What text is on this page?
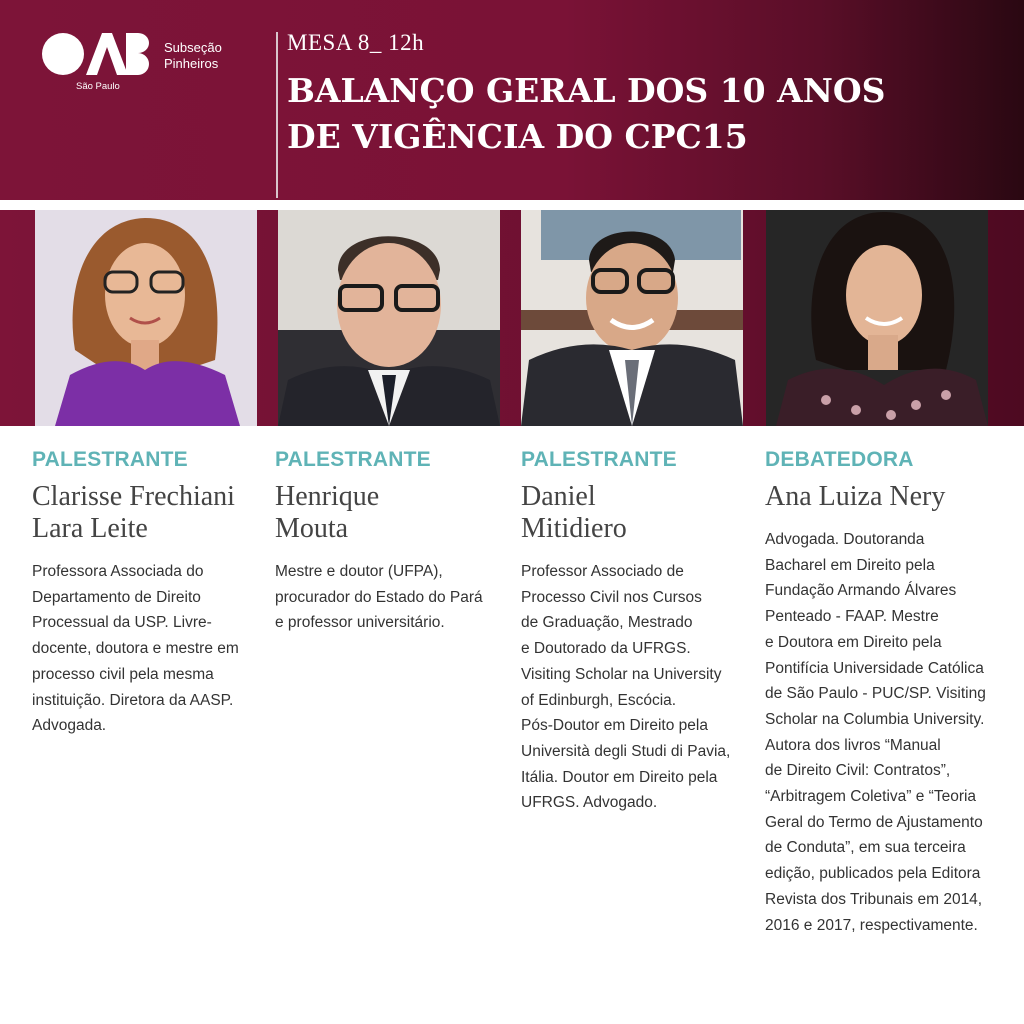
Subseção
Pinheiros
São Paulo
MESA 8_ 12h
BALANÇO GERAL DOS 10 ANOS
DE VIGÊNCIA DO CPC15
PALESTRANTE
Clarisse Frechiani Lara Leite
Professora Associada do
Departamento de Direito
Processual da USP. Livre-
docente, doutora e mestre em
processo civil pela mesma
instituição. Diretora da AASP.
Advogada.
PALESTRANTE
Henrique Mouta
Mestre e doutor (UFPA),
procurador do Estado do Pará
e professor universitário.
PALESTRANTE
Daniel Mitidiero
Professor Associado de
Processo Civil nos Cursos
de Graduação, Mestrado
e Doutorado da UFRGS.
Visiting Scholar na University
of Edinburgh, Escócia.
Pós-Doutor em Direito pela
Università degli Studi di Pavia,
Itália. Doutor em Direito pela
UFRGS. Advogado.
DEBATEDORA
Ana Luiza Nery
Advogada. Doutoranda
Bacharel em Direito pela
Fundação Armando Álvares
Penteado - FAAP. Mestre
e Doutora em Direito pela
Pontifícia Universidade Católica
de São Paulo - PUC/SP. Visiting
Scholar na Columbia University.
Autora dos livros “Manual
de Direito Civil: Contratos”,
“Arbitragem Coletiva” e “Teoria
Geral do Termo de Ajustamento
de Conduta”, em sua terceira
edição, publicados pela Editora
Revista dos Tribunais em 2014,
2016 e 2017, respectivamente.
